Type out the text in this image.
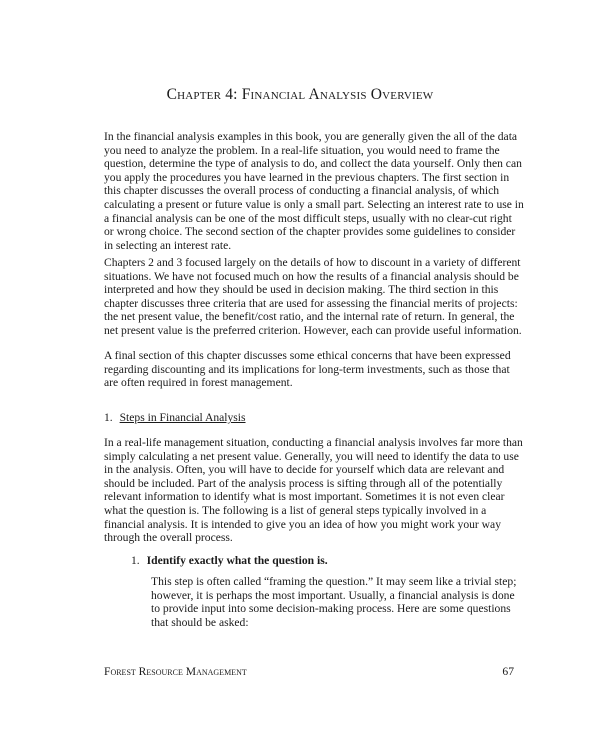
Chapter 4: Financial Analysis Overview

In the financial analysis examples in this book, you are generally given the all of the data you need to analyze the problem. In a real-life situation, you would need to frame the question, determine the type of analysis to do, and collect the data yourself. Only then can you apply the procedures you have learned in the previous chapters. The first section in this chapter discusses the overall process of conducting a financial analysis, of which calculating a present or future value is only a small part. Selecting an interest rate to use in a financial analysis can be one of the most difficult steps, usually with no clear-cut right or wrong choice. The second section of the chapter provides some guidelines to consider in selecting an interest rate.

Chapters 2 and 3 focused largely on the details of how to discount in a variety of different situations. We have not focused much on how the results of a financial analysis should be interpreted and how they should be used in decision making. The third section in this chapter discusses three criteria that are used for assessing the financial merits of projects: the net present value, the benefit/cost ratio, and the internal rate of return. In general, the net present value is the preferred criterion. However, each can provide useful information.

A final section of this chapter discusses some ethical concerns that have been expressed regarding discounting and its implications for long-term investments, such as those that are often required in forest management.

1. Steps in Financial Analysis

In a real-life management situation, conducting a financial analysis involves far more than simply calculating a net present value. Generally, you will need to identify the data to use in the analysis. Often, you will have to decide for yourself which data are relevant and should be included. Part of the analysis process is sifting through all of the potentially relevant information to identify what is most important. Sometimes it is not even clear what the question is. The following is a list of general steps typically involved in a financial analysis. It is intended to give you an idea of how you might work your way through the overall process.

1. Identify exactly what the question is.

This step is often called “framing the question.” It may seem like a trivial step; however, it is perhaps the most important. Usually, a financial analysis is done to provide input into some decision-making process. Here are some questions that should be asked:

Forest Resource Management	67
